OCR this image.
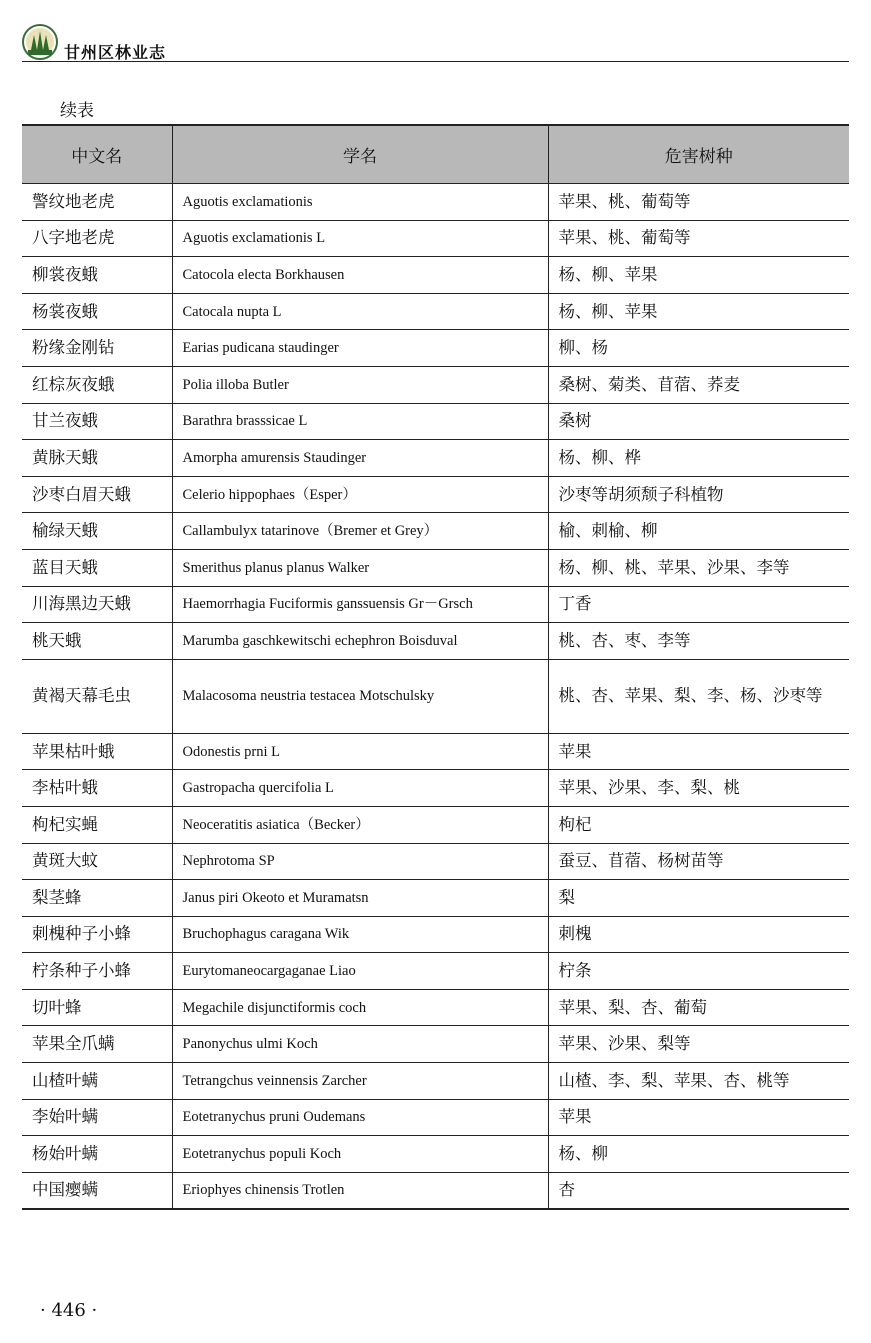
甘州区林业志
续表
中文名	学名	危害树种
警纹地老虎	Aguotis exclamationis	苹果、桃、葡萄等
八字地老虎	Aguotis exclamationis L	苹果、桃、葡萄等
柳裳夜蛾	Catocola electa Borkhausen	杨、柳、苹果
杨裳夜蛾	Catocala nupta L	杨、柳、苹果
粉缘金刚钻	Earias pudicana staudinger	柳、杨
红棕灰夜蛾	Polia illoba Butler	桑树、菊类、苜蓿、荞麦
甘兰夜蛾	Barathra brasssicae L	桑树
黄脉天蛾	Amorpha amurensis Staudinger	杨、柳、桦
沙枣白眉天蛾	Celerio hippophaes（Esper）	沙枣等胡须颓子科植物
榆绿天蛾	Callambulyx tatarinove（Bremer et Grey）	榆、刺榆、柳
蓝目天蛾	Smerithus planus planus Walker	杨、柳、桃、苹果、沙果、李等
川海黑边天蛾	Haemorrhagia Fuciformis ganssuensis Gr－Grsch	丁香
桃天蛾	Marumba gaschkewitschi echephron Boisduval	桃、杏、枣、李等
黄褐天幕毛虫	Malacosoma neustria testacea Motschulsky	桃、杏、苹果、梨、李、杨、沙枣等
苹果枯叶蛾	Odonestis prni L	苹果
李枯叶蛾	Gastropacha quercifolia L	苹果、沙果、李、梨、桃
枸杞实蝇	Neoceratitis asiatica（Becker）	枸杞
黄斑大蚊	Nephrotoma SP	蚕豆、苜蓿、杨树苗等
梨茎蜂	Janus piri Okeoto et Muramatsn	梨
刺槐种子小蜂	Bruchophagus caragana Wik	刺槐
柠条种子小蜂	Eurytomaneocargaganae Liao	柠条
切叶蜂	Megachile disjunctiformis coch	苹果、梨、杏、葡萄
苹果全爪螨	Panonychus ulmi Koch	苹果、沙果、梨等
山楂叶螨	Tetrangchus veinnensis Zarcher	山楂、李、梨、苹果、杏、桃等
李始叶螨	Eotetranychus pruni Oudemans	苹果
杨始叶螨	Eotetranychus populi Koch	杨、柳
中国瘿螨	Eriophyes chinensis Trotlen	杏
· 446 ·
